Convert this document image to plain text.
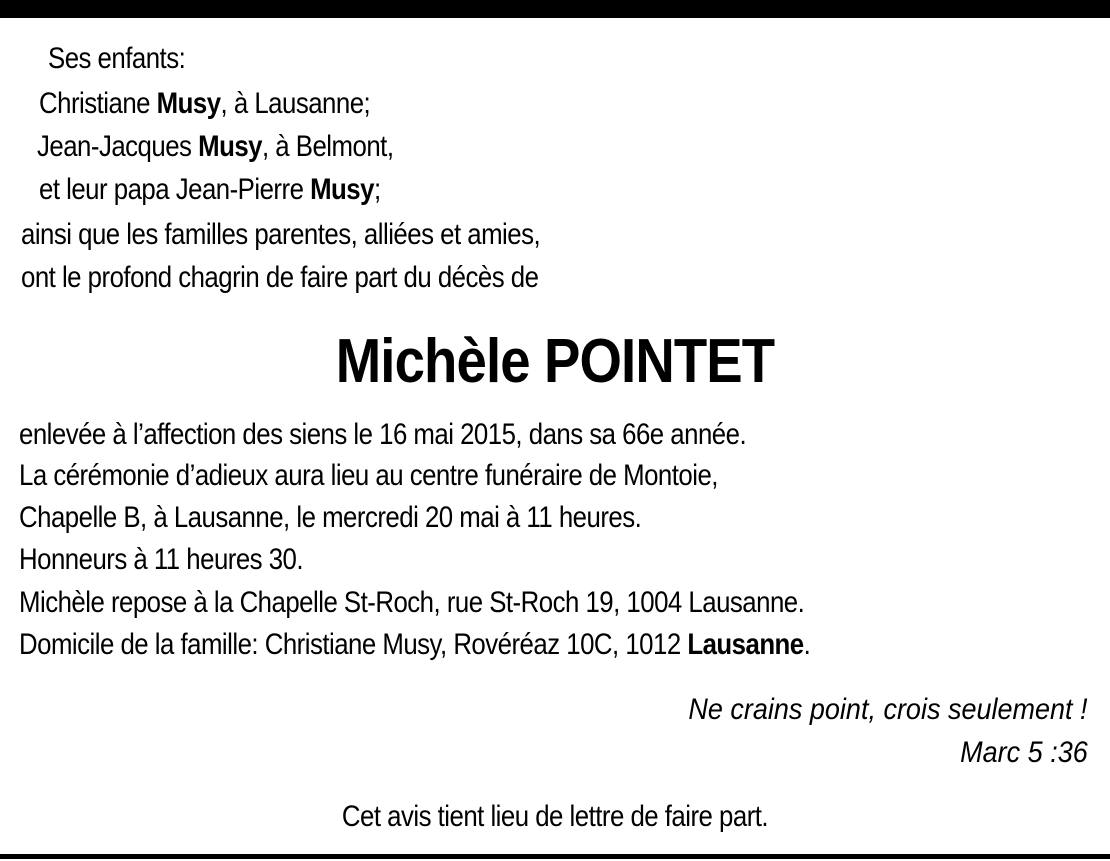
Ses enfants:
Christiane Musy, à Lausanne;
Jean-Jacques Musy, à Belmont,
et leur papa Jean-Pierre Musy;
ainsi que les familles parentes, alliées et amies,
ont le profond chagrin de faire part du décès de
Michèle POINTET
enlevée à l’affection des siens le 16 mai 2015, dans sa 66e année.
La cérémonie d’adieux aura lieu au centre funéraire de Montoie,
Chapelle B, à Lausanne, le mercredi 20 mai à 11 heures.
Honneurs à 11 heures 30.
Michèle repose à la Chapelle St-Roch, rue St-Roch 19, 1004 Lausanne.
Domicile de la famille: Christiane Musy, Rovéréaz 10C, 1012 Lausanne.
Ne crains point, crois seulement !
Marc 5 :36
Cet avis tient lieu de lettre de faire part.
